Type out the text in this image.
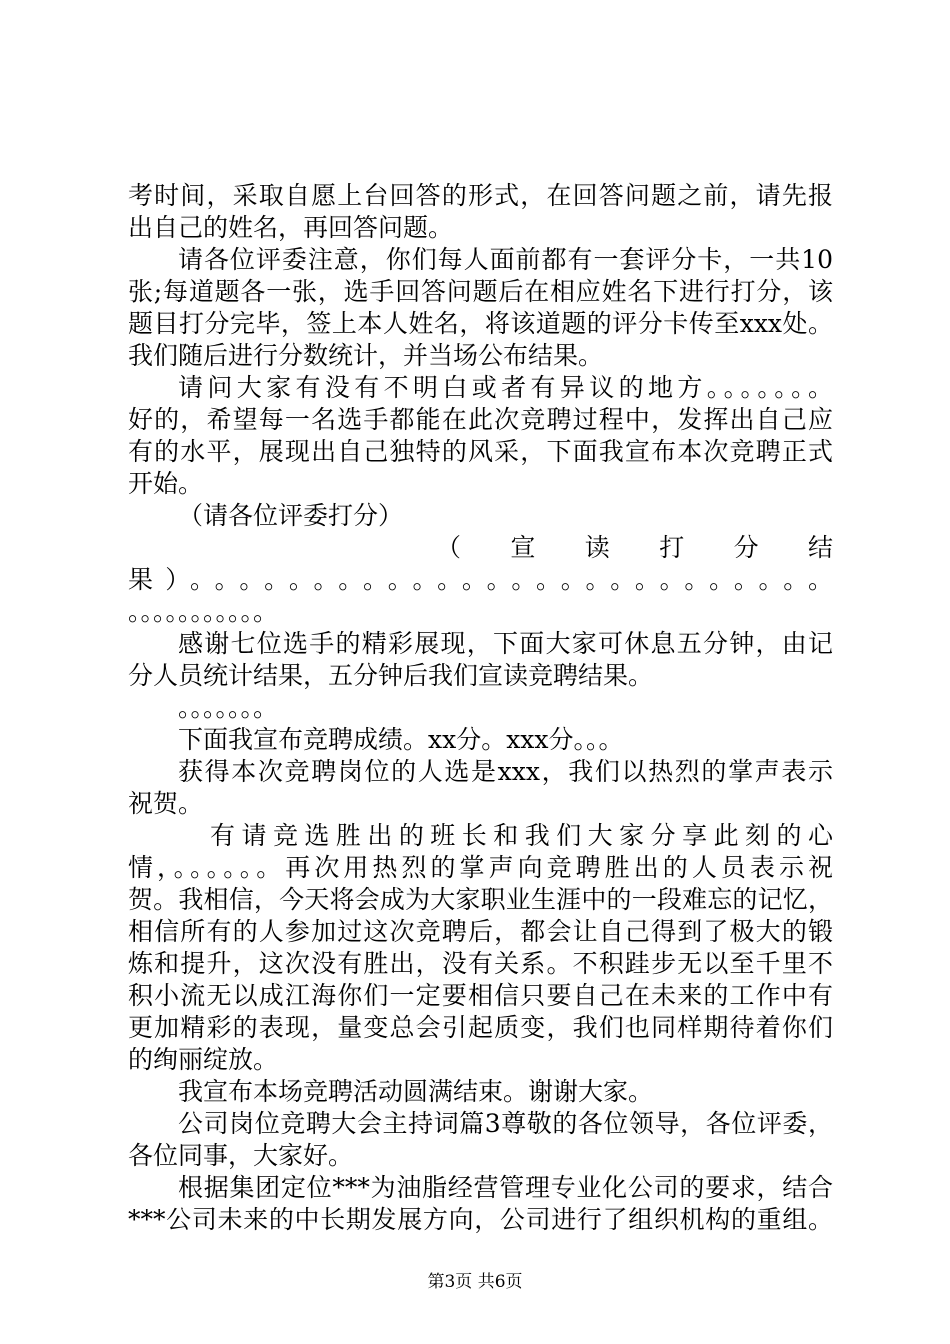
考时间，采取自愿上台回答的形式，在回答问题之前，请先报
出自己的姓名，再回答问题。
请各位评委注意，你们每人面前都有一套评分卡，一共10
张;每道题各一张，选手回答问题后在相应姓名下进行打分，该
题目打分完毕，签上本人姓名，将该道题的评分卡传至xxx处。
我们随后进行分数统计，并当场公布结果。
请问大家有没有不明白或者有异议的地方。。。。。。。
好的，希望每一名选手都能在此次竞聘过程中，发挥出自己应
有的水平，展现出自己独特的风采，下面我宣布本次竞聘正式
开始。
（请各位评委打分）
（　宣　读　打　分　结
果）。。。。。。。。。。。。。。。。。。。。。。。。。。
。。。。。。。。。。。
感谢七位选手的精彩展现，下面大家可休息五分钟，由记
分人员统计结果，五分钟后我们宣读竞聘结果。
。。。。。。。
下面我宣布竞聘成绩。xx分。xxx分。。。
获得本次竞聘岗位的人选是xxx，我们以热烈的掌声表示
祝贺。
有请竞选胜出的班长和我们大家分享此刻的心
情，。。。。。。再次用热烈的掌声向竞聘胜出的人员表示祝
贺。我相信，今天将会成为大家职业生涯中的一段难忘的记忆，
相信所有的人参加过这次竞聘后，都会让自己得到了极大的锻
炼和提升，这次没有胜出，没有关系。不积跬步无以至千里不
积小流无以成江海你们一定要相信只要自己在未来的工作中有
更加精彩的表现，量变总会引起质变，我们也同样期待着你们
的绚丽绽放。
我宣布本场竞聘活动圆满结束。谢谢大家。
公司岗位竞聘大会主持词篇3尊敬的各位领导，各位评委，
各位同事，大家好。
根据集团定位***为油脂经营管理专业化公司的要求，结合
***公司未来的中长期发展方向，公司进行了组织机构的重组。
第3页 共6页
